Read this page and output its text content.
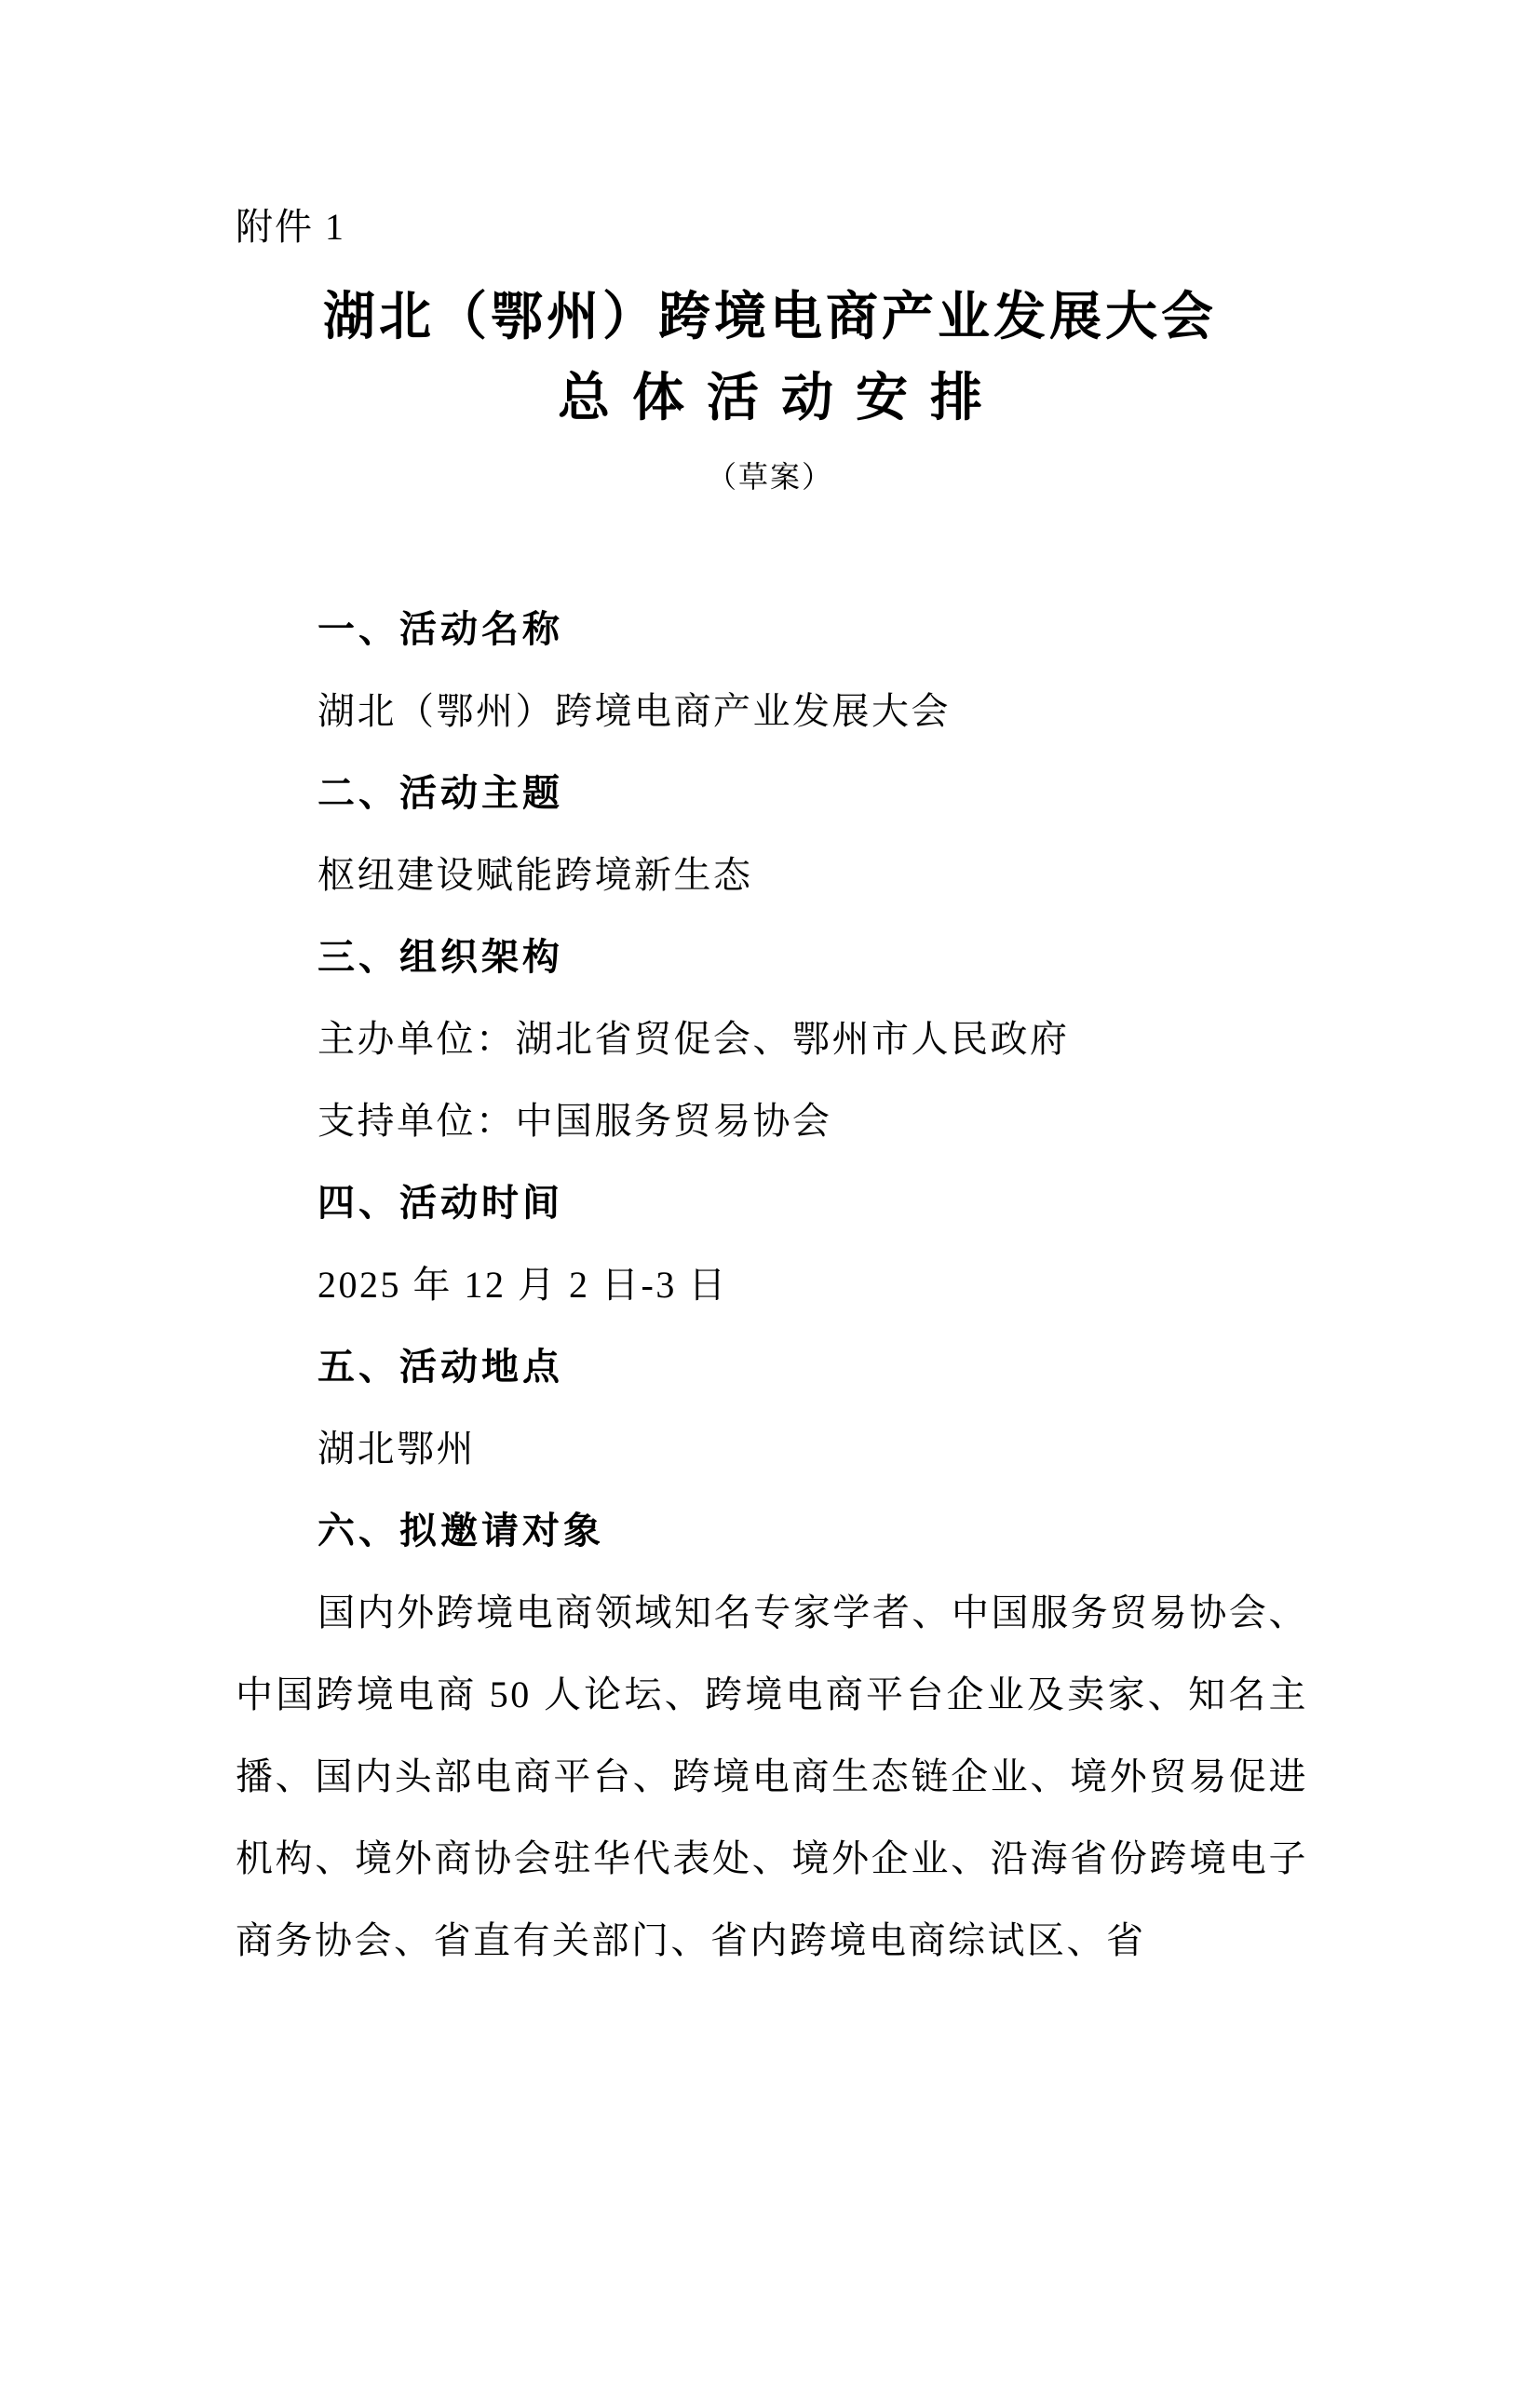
附件 1
湖北（鄂州）跨境电商产业发展大会
总体活动安排
（草案）
一、活动名称

湖北（鄂州）跨境电商产业发展大会

二、活动主题

枢纽建设赋能跨境新生态

三、组织架构

主办单位：湖北省贸促会、鄂州市人民政府

支持单位：中国服务贸易协会

四、活动时间

2025 年 12 月 2 日-3 日

五、活动地点

湖北鄂州

六、拟邀请对象

国内外跨境电商领域知名专家学者、中国服务贸易协会、中国跨境电商 50 人论坛、跨境电商平台企业及卖家、知名主播、国内头部电商平台、跨境电商生态链企业、境外贸易促进机构、境外商协会驻华代表处、境外企业、沿海省份跨境电子商务协会、省直有关部门、省内跨境电商综试区、省
